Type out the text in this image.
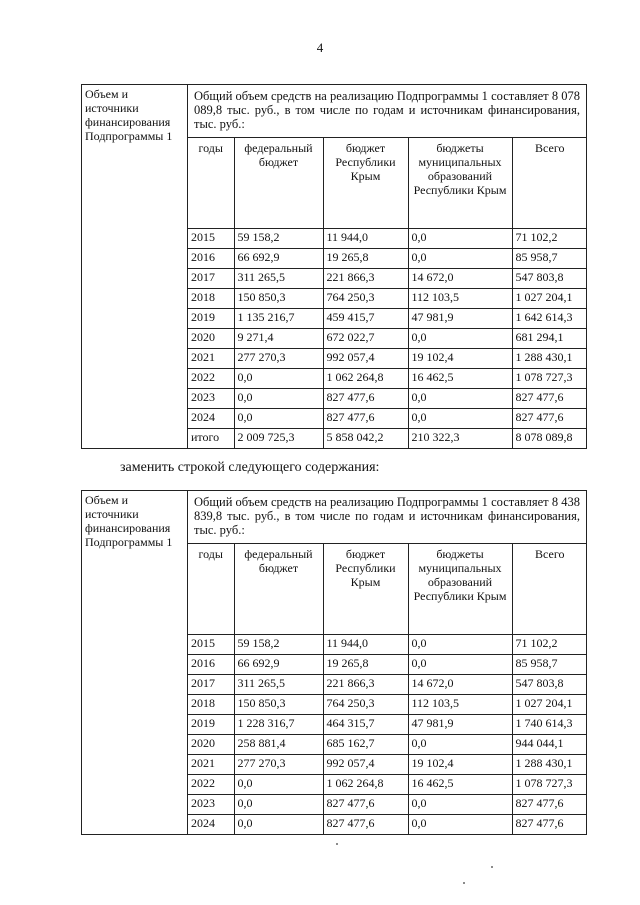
4
Объем и
источники
финансирования
Подпрограммы 1

Общий объем средств на реализацию Подпрограммы 1 составляет 8 078 089,8 тыс. руб., в том числе по годам и источникам финансирования, тыс. руб.:
годы	федеральный бюджет	бюджет Республики Крым	бюджеты муниципальных образований Республики Крым	Всего
2015	59 158,2	11 944,0	0,0	71 102,2
2016	66 692,9	19 265,8	0,0	85 958,7
2017	311 265,5	221 866,3	14 672,0	547 803,8
2018	150 850,3	764 250,3	112 103,5	1 027 204,1
2019	1 135 216,7	459 415,7	47 981,9	1 642 614,3
2020	9 271,4	672 022,7	0,0	681 294,1
2021	277 270,3	992 057,4	19 102,4	1 288 430,1
2022	0,0	1 062 264,8	16 462,5	1 078 727,3
2023	0,0	827 477,6	0,0	827 477,6
2024	0,0	827 477,6	0,0	827 477,6
итого	2 009 725,3	5 858 042,2	210 322,3	8 078 089,8
заменить строкой следующего содержания:
Объем и
источники
финансирования
Подпрограммы 1

Общий объем средств на реализацию Подпрограммы 1 составляет 8 438 839,8 тыс. руб., в том числе по годам и источникам финансирования, тыс. руб.:
годы	федеральный бюджет	бюджет Республики Крым	бюджеты муниципальных образований Республики Крым	Всего
2015	59 158,2	11 944,0	0,0	71 102,2
2016	66 692,9	19 265,8	0,0	85 958,7
2017	311 265,5	221 866,3	14 672,0	547 803,8
2018	150 850,3	764 250,3	112 103,5	1 027 204,1
2019	1 228 316,7	464 315,7	47 981,9	1 740 614,3
2020	258 881,4	685 162,7	0,0	944 044,1
2021	277 270,3	992 057,4	19 102,4	1 288 430,1
2022	0,0	1 062 264,8	16 462,5	1 078 727,3
2023	0,0	827 477,6	0,0	827 477,6
2024	0,0	827 477,6	0,0	827 477,6
